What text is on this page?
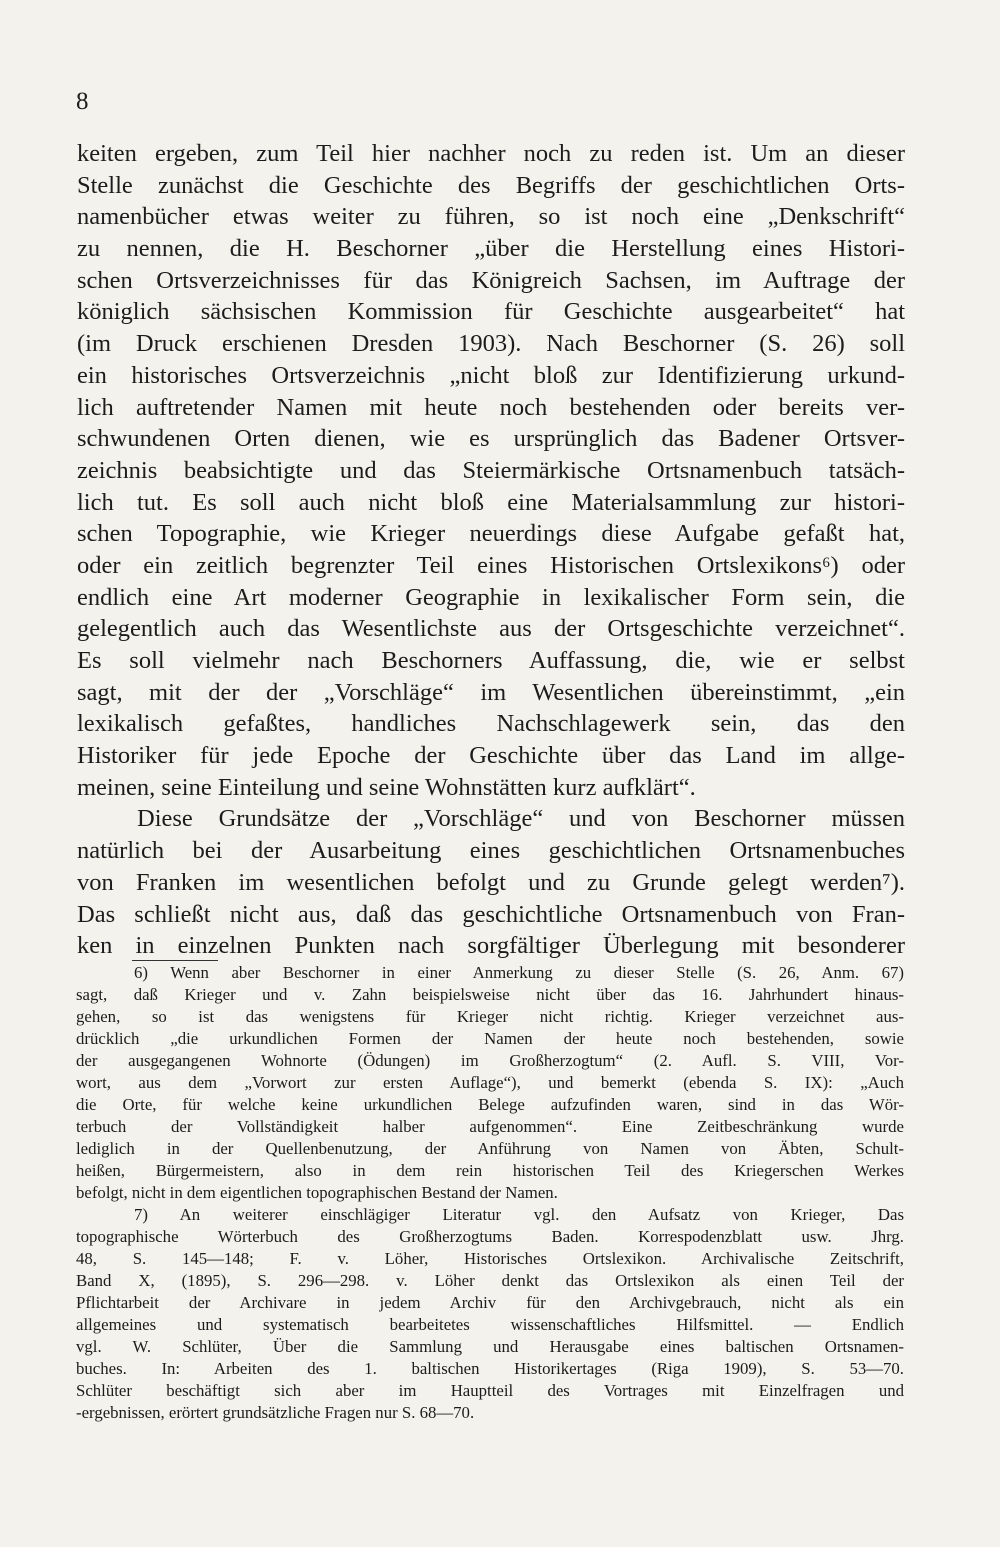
8
keiten ergeben, zum Teil hier nachher noch zu reden ist. Um an dieser
Stelle zunächst die Geschichte des Begriffs der geschichtlichen Orts-
namenbücher etwas weiter zu führen, so ist noch eine „Denkschrift“
zu nennen, die H. Beschorner „über die Herstellung eines Histori-
schen Ortsverzeichnisses für das Königreich Sachsen, im Auftrage der
königlich sächsischen Kommission für Geschichte ausgearbeitet“ hat
(im Druck erschienen Dresden 1903). Nach Beschorner (S. 26) soll
ein historisches Ortsverzeichnis „nicht bloß zur Identifizierung urkund-
lich auftretender Namen mit heute noch bestehenden oder bereits ver-
schwundenen Orten dienen, wie es ursprünglich das Badener Ortsver-
zeichnis beabsichtigte und das Steiermärkische Ortsnamenbuch tatsäch-
lich tut. Es soll auch nicht bloß eine Materialsammlung zur histori-
schen Topographie, wie Krieger neuerdings diese Aufgabe gefaßt hat,
oder ein zeitlich begrenzter Teil eines Historischen Ortslexikons⁶) oder
endlich eine Art moderner Geographie in lexikalischer Form sein, die
gelegentlich auch das Wesentlichste aus der Ortsgeschichte verzeichnet“.
Es soll vielmehr nach Beschorners Auffassung, die, wie er selbst
sagt, mit der der „Vorschläge“ im Wesentlichen übereinstimmt, „ein
lexikalisch gefaßtes, handliches Nachschlagewerk sein, das den
Historiker für jede Epoche der Geschichte über das Land im allge-
meinen, seine Einteilung und seine Wohnstätten kurz aufklärt“.
Diese Grundsätze der „Vorschläge“ und von Beschorner müssen
natürlich bei der Ausarbeitung eines geschichtlichen Ortsnamenbuches
von Franken im wesentlichen befolgt und zu Grunde gelegt werden⁷).
Das schließt nicht aus, daß das geschichtliche Ortsnamenbuch von Fran-
ken in einzelnen Punkten nach sorgfältiger Überlegung mit besonderer
6) Wenn aber Beschorner in einer Anmerkung zu dieser Stelle (S. 26, Anm. 67)
sagt, daß Krieger und v. Zahn beispielsweise nicht über das 16. Jahrhundert hinaus-
gehen, so ist das wenigstens für Krieger nicht richtig. Krieger verzeichnet aus-
drücklich „die urkundlichen Formen der Namen der heute noch bestehenden, sowie
der ausgegangenen Wohnorte (Ödungen) im Großherzogtum“ (2. Aufl. S. VIII, Vor-
wort, aus dem „Vorwort zur ersten Auflage“), und bemerkt (ebenda S. IX): „Auch
die Orte, für welche keine urkundlichen Belege aufzufinden waren, sind in das Wör-
terbuch der Vollständigkeit halber aufgenommen“. Eine Zeitbeschränkung wurde
lediglich in der Quellenbenutzung, der Anführung von Namen von Äbten, Schult-
heißen, Bürgermeistern, also in dem rein historischen Teil des Kriegerschen Werkes
befolgt, nicht in dem eigentlichen topographischen Bestand der Namen.
7) An weiterer einschlägiger Literatur vgl. den Aufsatz von Krieger, Das
topographische Wörterbuch des Großherzogtums Baden. Korrespodenzblatt usw. Jhrg.
48, S. 145—148; F. v. Löher, Historisches Ortslexikon. Archivalische Zeitschrift,
Band X, (1895), S. 296—298. v. Löher denkt das Ortslexikon als einen Teil der
Pflichtarbeit der Archivare in jedem Archiv für den Archivgebrauch, nicht als ein
allgemeines und systematisch bearbeitetes wissenschaftliches Hilfsmittel. — Endlich
vgl. W. Schlüter, Über die Sammlung und Herausgabe eines baltischen Ortsnamen-
buches. In: Arbeiten des 1. baltischen Historikertages (Riga 1909), S. 53—70.
Schlüter beschäftigt sich aber im Hauptteil des Vortrages mit Einzelfragen und
-ergebnissen, erörtert grundsätzliche Fragen nur S. 68—70.
